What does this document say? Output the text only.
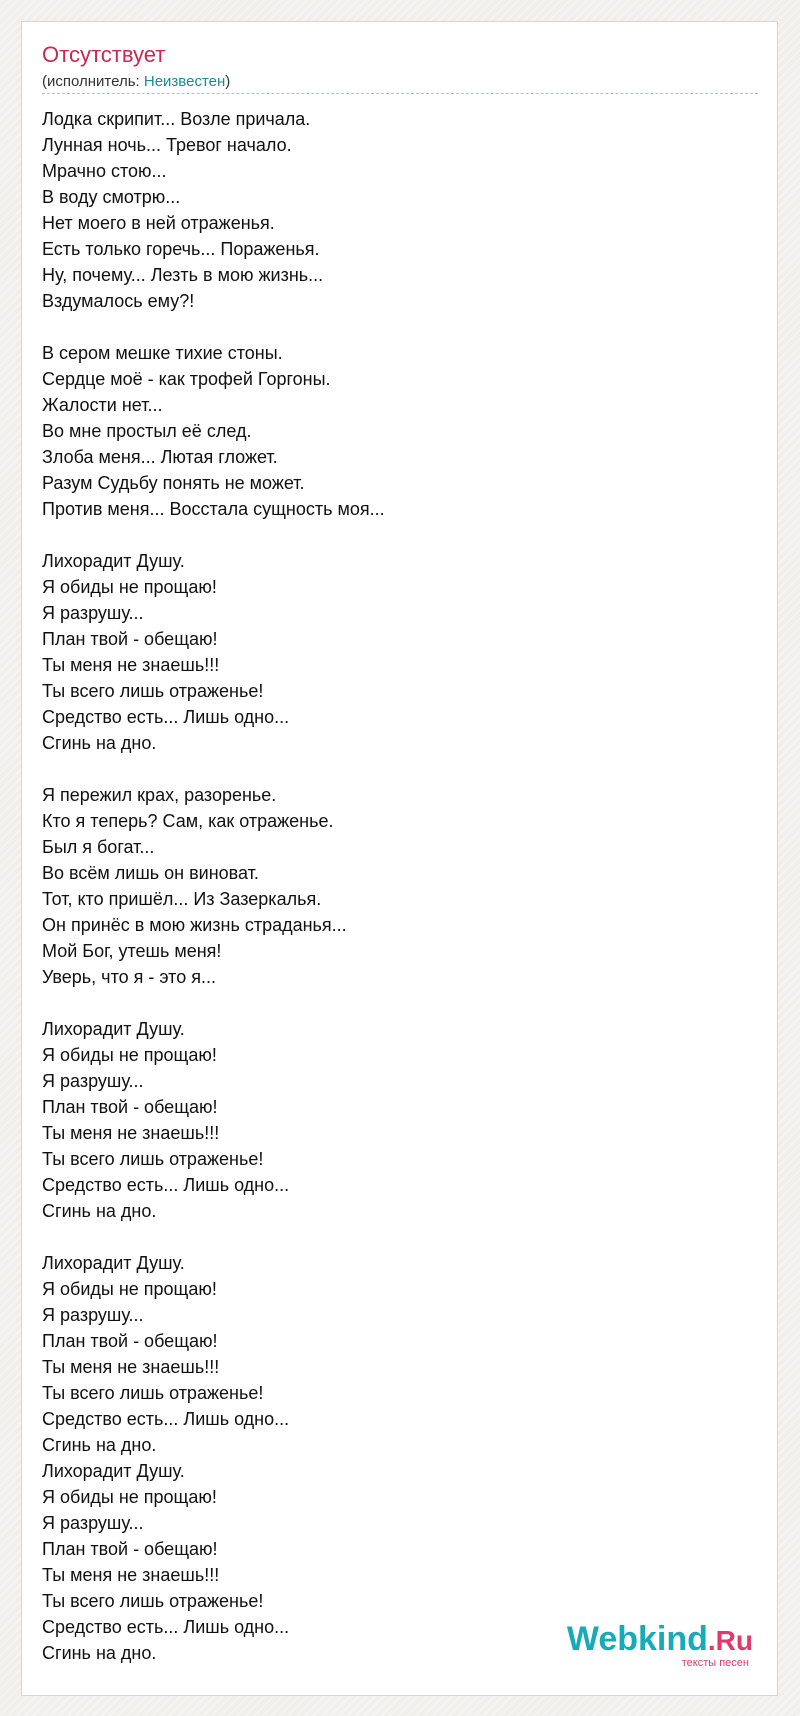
Отсутствует
(исполнитель: Неизвестен)
Лодка скрипит... Возле причала.
Лунная ночь... Тревог начало.
Мрачно стою...
В воду смотрю...
Нет моего в ней отраженья.
Есть только горечь... Пораженья.
Ну, почему... Лезть в мою жизнь...
Вздумалось ему?!
В сером мешке тихие стоны.
Сердце моё - как трофей Горгоны.
Жалости нет...
Во мне простыл её след.
Злоба меня... Лютая гложет.
Разум Судьбу понять не может.
Против меня... Восстала сущность моя...
Лихорадит Душу.
Я обиды не прощаю!
Я разрушу...
План твой - обещаю!
Ты меня не знаешь!!!
Ты всего лишь отраженье!
Средство есть... Лишь одно...
Сгинь на дно.
Я пережил крах, разоренье.
Кто я теперь? Сам, как отраженье.
Был я богат...
Во всём лишь он виноват.
Тот, кто пришёл... Из Зазеркалья.
Он принёс в мою жизнь страданья...
Мой Бог, утешь меня!
Уверь, что я - это я...
Лихорадит Душу.
Я обиды не прощаю!
Я разрушу...
План твой - обещаю!
Ты меня не знаешь!!!
Ты всего лишь отраженье!
Средство есть... Лишь одно...
Сгинь на дно.
Лихорадит Душу.
Я обиды не прощаю!
Я разрушу...
План твой - обещаю!
Ты меня не знаешь!!!
Ты всего лишь отраженье!
Средство есть... Лишь одно...
Сгинь на дно.
Лихорадит Душу.
Я обиды не прощаю!
Я разрушу...
План твой - обещаю!
Ты меня не знаешь!!!
Ты всего лишь отраженье!
Средство есть... Лишь одно...
Сгинь на дно.	Webkind.Ru
тексты песен
